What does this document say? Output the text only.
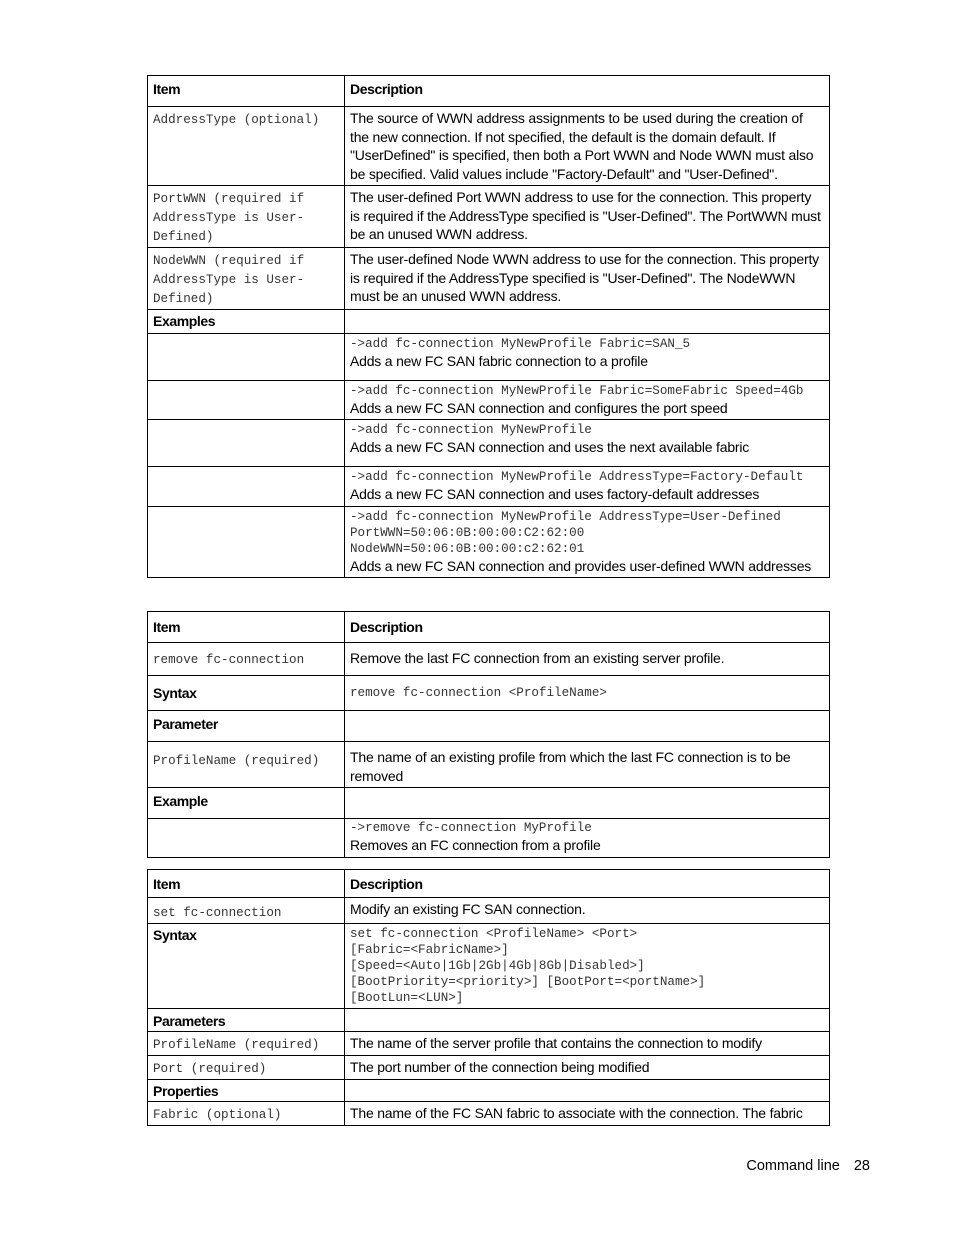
Item	Description
AddressType (optional)	The source of WWN address assignments to be used during the creation of the new connection. If not specified, the default is the domain default. If "UserDefined" is specified, then both a Port WWN and Node WWN must also be specified. Valid values include "Factory-Default" and "User-Defined".
PortWWN (required if AddressType is User-Defined)	The user-defined Port WWN address to use for the connection. This property is required if the AddressType specified is "User-Defined". The PortWWN must be an unused WWN address.
NodeWWN (required if AddressType is User-Defined)	The user-defined Node WWN address to use for the connection. This property is required if the AddressType specified is "User-Defined". The NodeWWN must be an unused WWN address.
Examples	

	->add fc-connection MyNewProfile Fabric=SAN_5
Adds a new FC SAN fabric connection to a profile

	->add fc-connection MyNewProfile Fabric=SomeFabric Speed=4Gb
Adds a new FC SAN connection and configures the port speed

	->add fc-connection MyNewProfile
Adds a new FC SAN connection and uses the next available fabric

	->add fc-connection MyNewProfile AddressType=Factory-Default
Adds a new FC SAN connection and uses factory-default addresses

	->add fc-connection MyNewProfile AddressType=User-Defined PortWWN=50:06:0B:00:00:C2:62:00 NodeWWN=50:06:0B:00:00:c2:62:01
Adds a new FC SAN connection and provides user-defined WWN addresses
Item	Description
remove fc-connection	Remove the last FC connection from an existing server profile.
Syntax	remove fc-connection <ProfileName>
Parameter	
ProfileName (required)	The name of an existing profile from which the last FC connection is to be removed
Example	

	->remove fc-connection MyProfile
Removes an FC connection from a profile
Item	Description
set fc-connection	Modify an existing FC SAN connection.
Syntax	set fc-connection <ProfileName> <Port>
[Fabric=<FabricName>]
[Speed=<Auto|1Gb|2Gb|4Gb|8Gb|Disabled>]
[BootPriority=<priority>] [BootPort=<portName>]
[BootLun=<LUN>]

Parameters	
ProfileName (required)	The name of the server profile that contains the connection to modify
Port (required)	The port number of the connection being modified
Properties	
Fabric (optional)	The name of the FC SAN fabric to associate with the connection. The fabric
Command line 28
